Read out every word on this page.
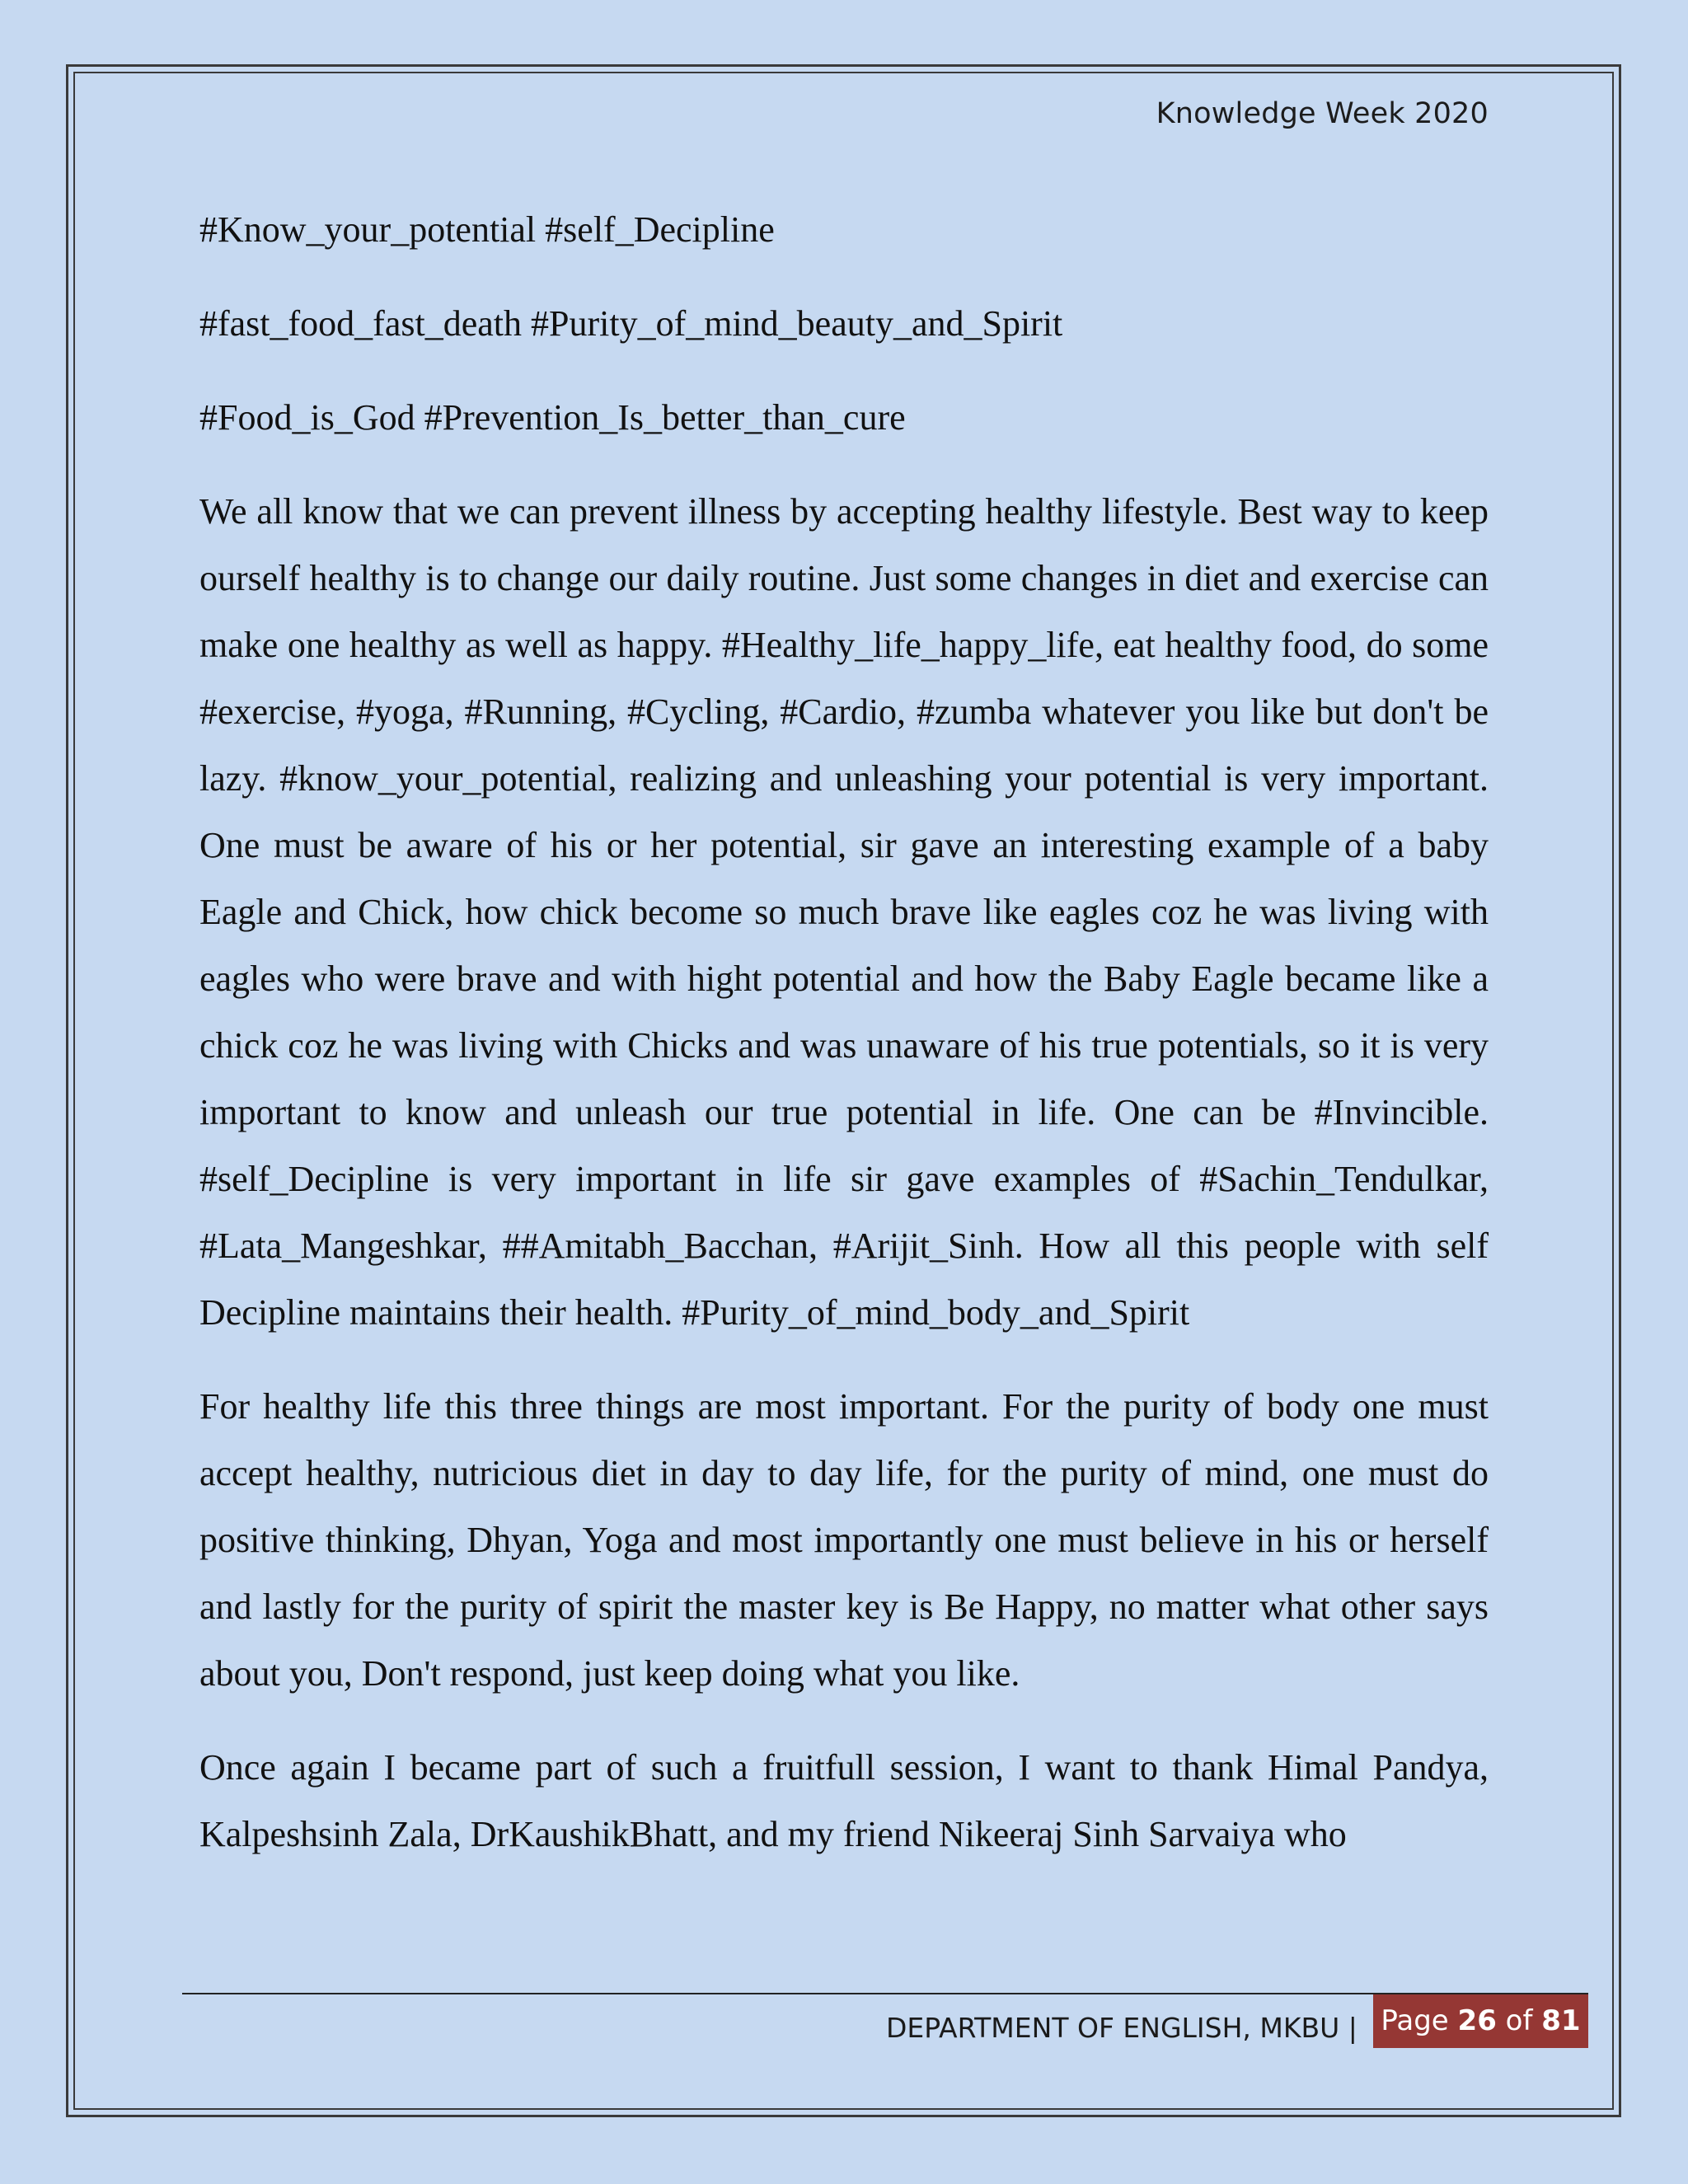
Knowledge Week 2020
#Know_your_potential #self_Decipline
#fast_food_fast_death #Purity_of_mind_beauty_and_Spirit
#Food_is_God #Prevention_Is_better_than_cure

We all know that we can prevent illness by accepting healthy lifestyle. Best way to keep ourself healthy is to change our daily routine. Just some changes in diet and exercise can make one healthy as well as happy. #Healthy_life_happy_life, eat healthy food, do some #exercise, #yoga, #Running, #Cycling, #Cardio, #zumba whatever you like but don't be lazy. #know_your_potential, realizing and unleashing your potential is very important. One must be aware of his or her potential, sir gave an interesting example of a baby Eagle and Chick, how chick become so much brave like eagles coz he was living with eagles who were brave and with hight potential and how the Baby Eagle became like a chick coz he was living with Chicks and was unaware of his true potentials, so it is very important to know and unleash our true potential in life. One can be #Invincible. #self_Decipline is very important in life sir gave examples of #Sachin_Tendulkar, #Lata_Mangeshkar, ##Amitabh_Bacchan, #Arijit_Sinh. How all this people with self Decipline maintains their health. #Purity_of_mind_body_and_Spirit

For healthy life this three things are most important. For the purity of body one must accept healthy, nutricious diet in day to day life, for the purity of mind, one must do positive thinking, Dhyan, Yoga and most importantly one must believe in his or herself and lastly for the purity of spirit the master key is Be Happy, no matter what other says about you, Don't respond, just keep doing what you like.

Once again I became part of such a fruitfull session, I want to thank Himal Pandya, Kalpeshsinh Zala, DrKaushikBhatt, and my friend Nikeeraj Sinh Sarvaiya who

DEPARTMENT OF ENGLISH, MKBU | Page 26 of 81
